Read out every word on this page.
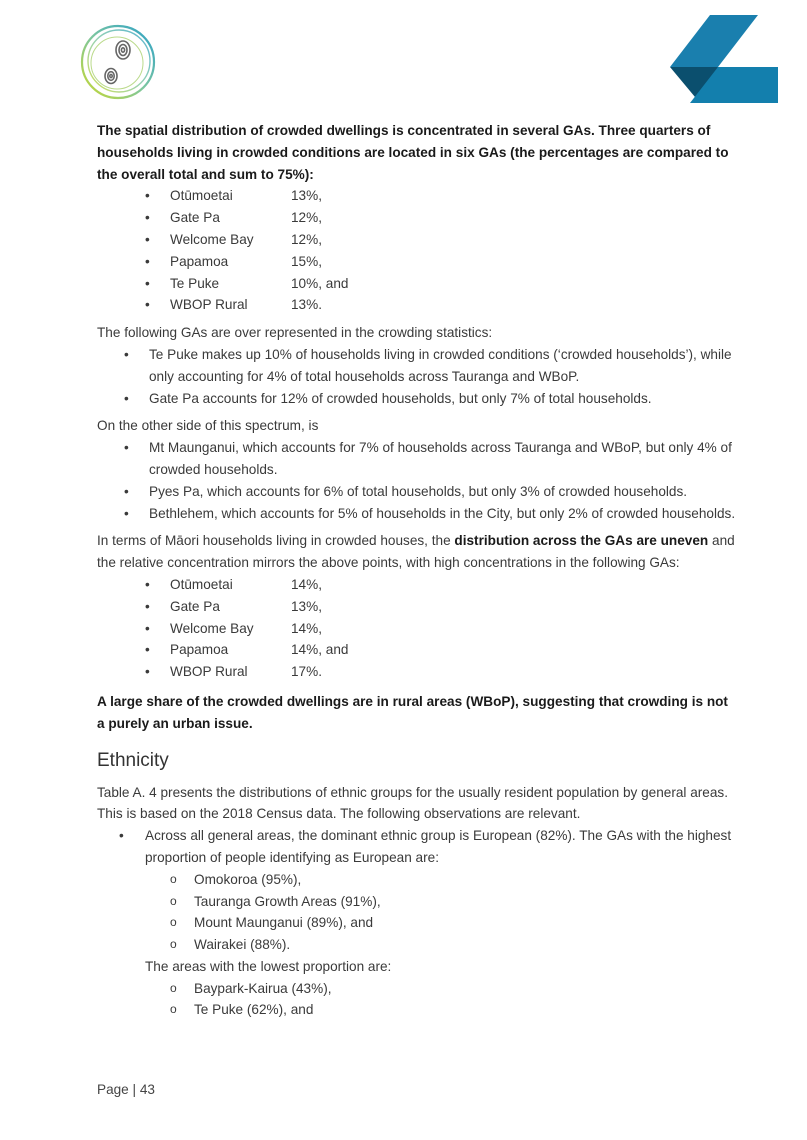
The spatial distribution of crowded dwellings is concentrated in several GAs. Three quarters of households living in crowded conditions are located in six GAs (the percentages are compared to the overall total and sum to 75%):

• Otūmoetai	13%,
• Gate Pa	12%,
• Welcome Bay	12%,
• Papamoa	15%,
• Te Puke	10%, and
• WBOP Rural	13%.

The following GAs are over represented in the crowding statistics:

• Te Puke makes up 10% of households living in crowded conditions (‘crowded households’), while only accounting for 4% of total households across Tauranga and WBoP.
• Gate Pa accounts for 12% of crowded households, but only 7% of total households.

On the other side of this spectrum, is

• Mt Maunganui, which accounts for 7% of households across Tauranga and WBoP, but only 4% of crowded households.
• Pyes Pa, which accounts for 6% of total households, but only 3% of crowded households.
• Bethlehem, which accounts for 5% of households in the City, but only 2% of crowded households.

In terms of Māori households living in crowded houses, the distribution across the GAs are uneven and the relative concentration mirrors the above points, with high concentrations in the following GAs:

• Otūmoetai	14%,
• Gate Pa	13%,
• Welcome Bay	14%,
• Papamoa	14%, and
• WBOP Rural	17%.

A large share of the crowded dwellings are in rural areas (WBoP), suggesting that crowding is not a purely an urban issue.

Ethnicity

Table A. 4 presents the distributions of ethnic groups for the usually resident population by general areas. This is based on the 2018 Census data. The following observations are relevant.

• Across all general areas, the dominant ethnic group is European (82%). The GAs with the highest proportion of people identifying as European are:
o Omokoroa (95%),
o Tauranga Growth Areas (91%),
o Mount Maunganui (89%), and
o Wairakei (88%).
The areas with the lowest proportion are:
o Baypark-Kairua (43%),
o Te Puke (62%), and
Page | 43
